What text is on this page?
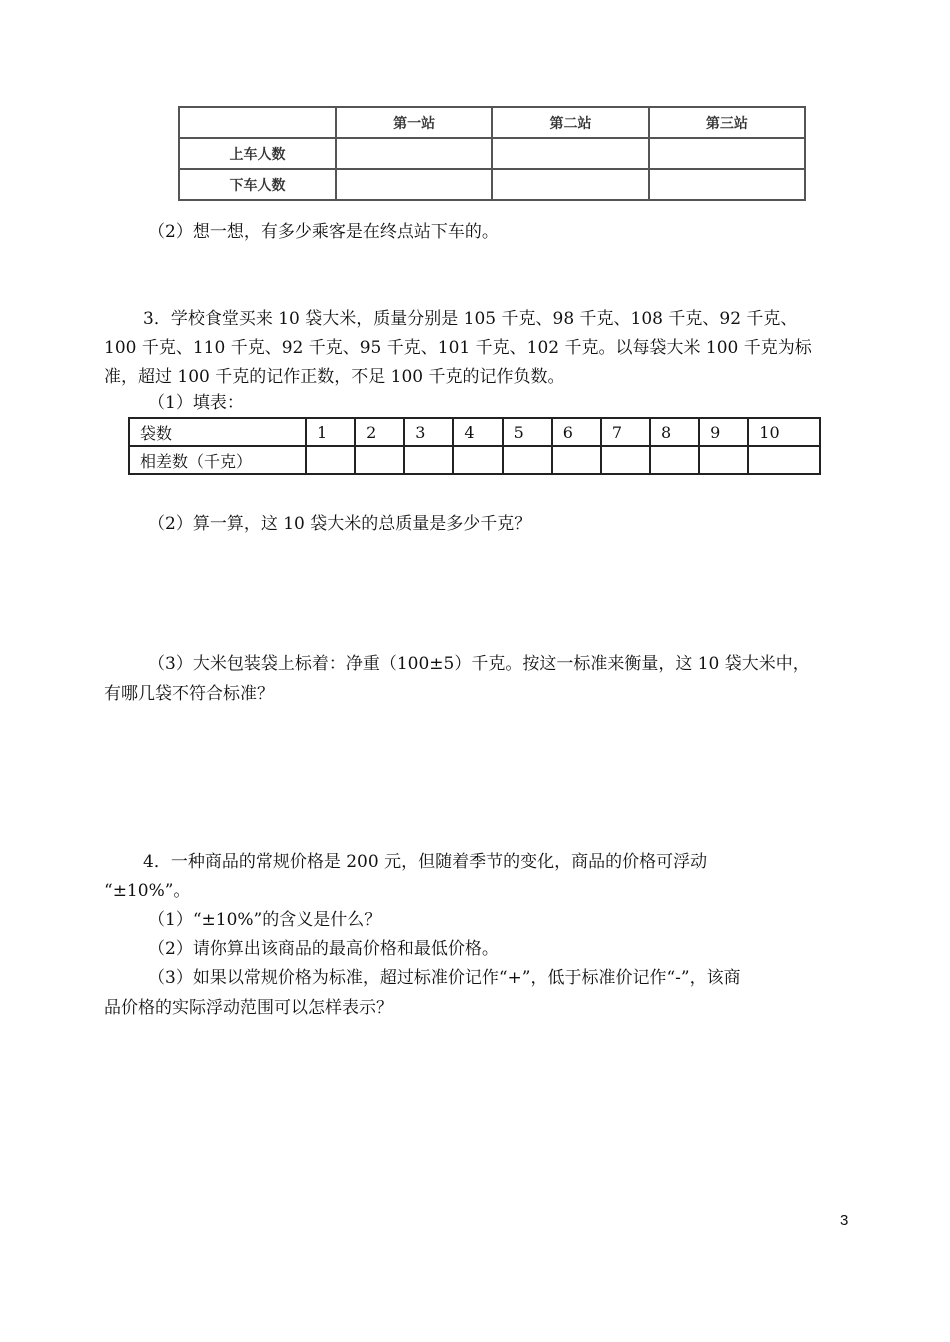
	第一站	第二站	第三站
上车人数			
下车人数			
（2）想一想，有多少乘客是在终点站下车的。
3．学校食堂买来 10 袋大米，质量分别是 105 千克、98 千克、108 千克、92 千克、
100 千克、110 千克、92 千克、95 千克、101 千克、102 千克。以每袋大米 100 千克为标
准，超过 100 千克的记作正数，不足 100 千克的记作负数。
（1）填表：
袋数	1	2	3	4	5	6	7	8	9	10
相差数（千克）										
（2）算一算，这 10 袋大米的总质量是多少千克？
（3）大米包装袋上标着：净重（100±5）千克。按这一标准来衡量，这 10 袋大米中，
有哪几袋不符合标准？
4．一种商品的常规价格是 200 元，但随着季节的变化，商品的价格可浮动
“±10%”。
（1）“±10%”的含义是什么？
（2）请你算出该商品的最高价格和最低价格。
（3）如果以常规价格为标准，超过标准价记作“+”，低于标准价记作“-”，该商
品价格的实际浮动范围可以怎样表示？
3
